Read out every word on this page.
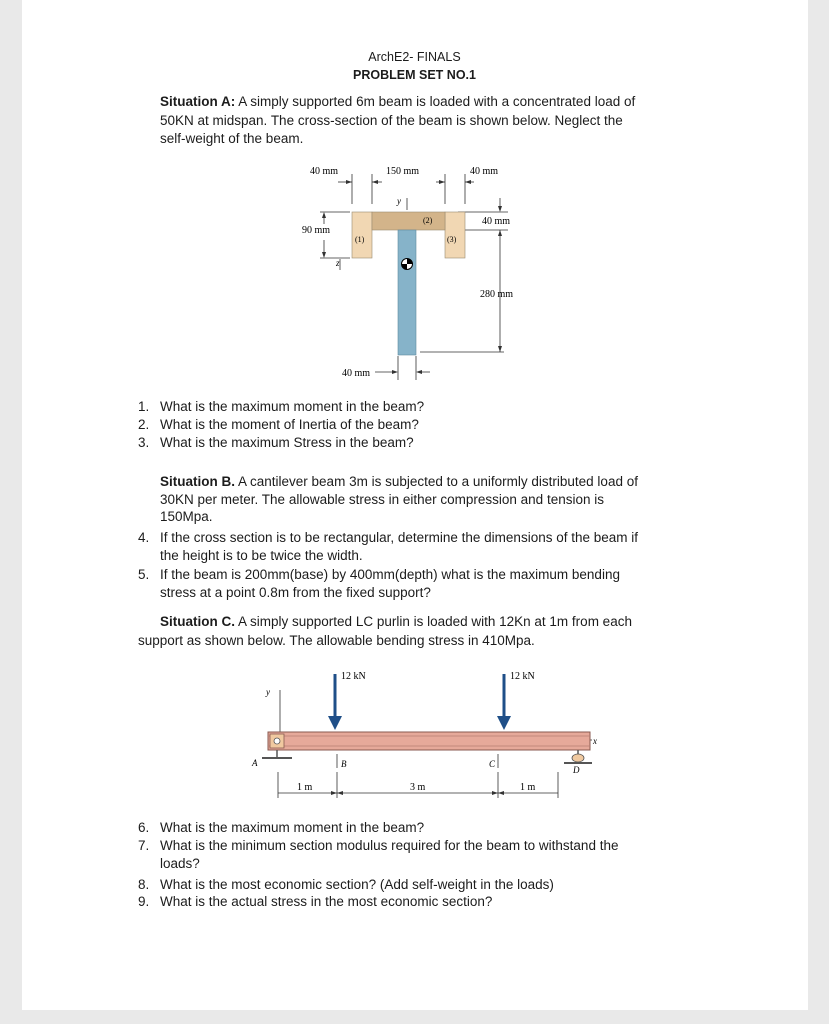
ArchE2- FINALS
PROBLEM SET NO.1
Situation A: A simply supported 6m beam is loaded with a concentrated load of
50KN at midspan. The cross-section of the beam is shown below. Neglect the
self-weight of the beam.
40 mm	150 mm	40 mm
90 mm
40 mm
280 mm
40 mm
y
z
(1)
(2)
(3)
1. What is the maximum moment in the beam?
2. What is the moment of Inertia of the beam?
3. What is the maximum Stress in the beam?
Situation B. A cantilever beam 3m is subjected to a uniformly distributed load of
30KN per meter. The allowable stress in either compression and tension is
150Mpa.
4. If the cross section is to be rectangular, determine the dimensions of the beam if
the height is to be twice the width.
5. If the beam is 200mm(base) by 400mm(depth) what is the maximum bending
stress at a point 0.8m from the fixed support?
Situation C. A simply supported LC purlin is loaded with 12Kn at 1m from each
support as shown below. The allowable bending stress in 410Mpa.
12 kN	12 kN
y
x
A	B	C
D
1 m	3 m	1 m
6. What is the maximum moment in the beam?
7. What is the minimum section modulus required for the beam to withstand the
loads?
8. What is the most economic section? (Add self-weight in the loads)
9. What is the actual stress in the most economic section?
